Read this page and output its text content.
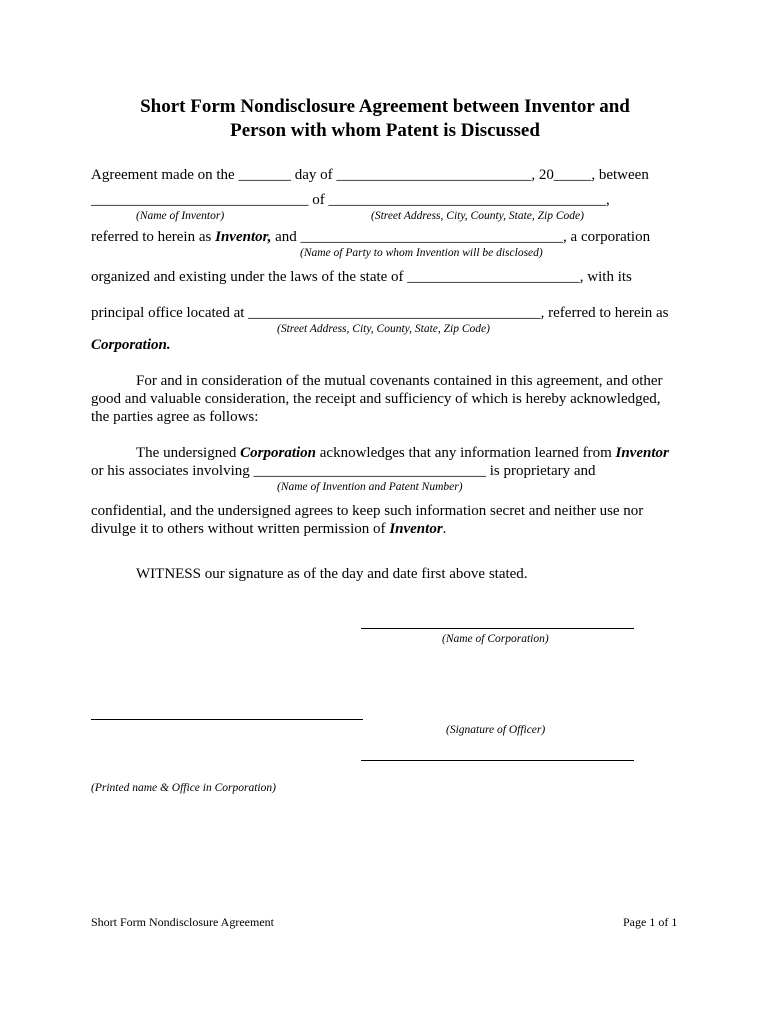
Short Form Nondisclosure Agreement between Inventor and
Person with whom Patent is Discussed
Agreement made on the _______ day of __________________________, 20_____, between
_____________________________ of _____________________________________,
(Name of Inventor)	(Street Address, City, County, State, Zip Code)
referred to herein as Inventor, and ___________________________________, a corporation
(Name of Party to whom Invention will be disclosed)
organized and existing under the laws of the state of _______________________, with its
principal office located at _______________________________________, referred to herein as
(Street Address, City, County, State, Zip Code)
Corporation.
For and in consideration of the mutual covenants contained in this agreement, and other good and valuable consideration, the receipt and sufficiency of which is hereby acknowledged, the parties agree as follows:
The undersigned Corporation acknowledges that any information learned from Inventor
or his associates involving _______________________________ is proprietary and
(Name of Invention and Patent Number)
confidential, and the undersigned agrees to keep such information secret and neither use nor
divulge it to others without written permission of Inventor.
WITNESS our signature as of the day and date first above stated.
(Name of Corporation)
(Signature of Officer)
(Printed name & Office in Corporation)
Short Form Nondisclosure Agreement	Page 1 of 1
